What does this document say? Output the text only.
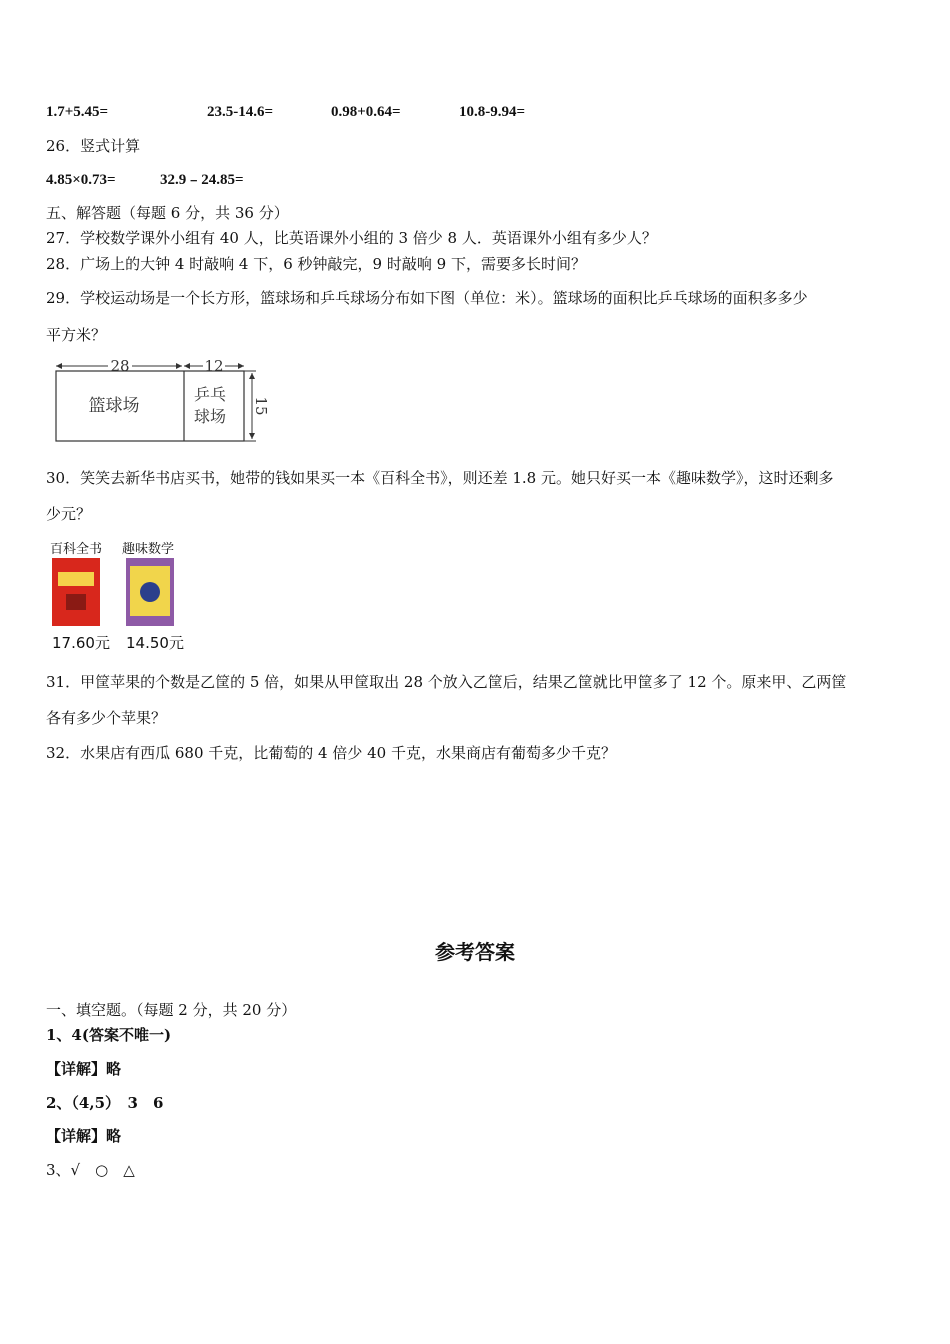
1.7+5.45=	23.5-14.6=	0.98+0.64=	10.8-9.94=
26．竖式计算
4.85×0.73=	32.9﹣24.85=
五、解答题（每题 6 分，共 36 分）
27．学校数学课外小组有 40 人，比英语课外小组的 3 倍少 8 人．英语课外小组有多少人？
28．广场上的大钟 4 时敲响 4 下，6 秒钟敲完，9 时敲响 9 下，需要多长时间？
29．学校运动场是一个长方形，篮球场和乒乓球场分布如下图（单位：米）。篮球场的面积比乒乓球场的面积多多少
平方米？
28	12
篮球场
乒乓
球场
15
30．笑笑去新华书店买书，她带的钱如果买一本《百科全书》，则还差 1.8 元。她只好买一本《趣味数学》，这时还剩多
少元？
百科全书
17.60元
趣味数学
14.50元
31．甲筐苹果的个数是乙筐的 5 倍，如果从甲筐取出 28 个放入乙筐后，结果乙筐就比甲筐多了 12 个。原来甲、乙两筐
各有多少个苹果？
32．水果店有西瓜 680 千克，比葡萄的 4 倍少 40 千克，水果商店有葡萄多少千克？
参考答案
一、填空题。（每题 2 分，共 20 分）
1、4(答案不唯一)
【详解】略
2、（4,5）　3　6
【详解】略
3、√　○　△
